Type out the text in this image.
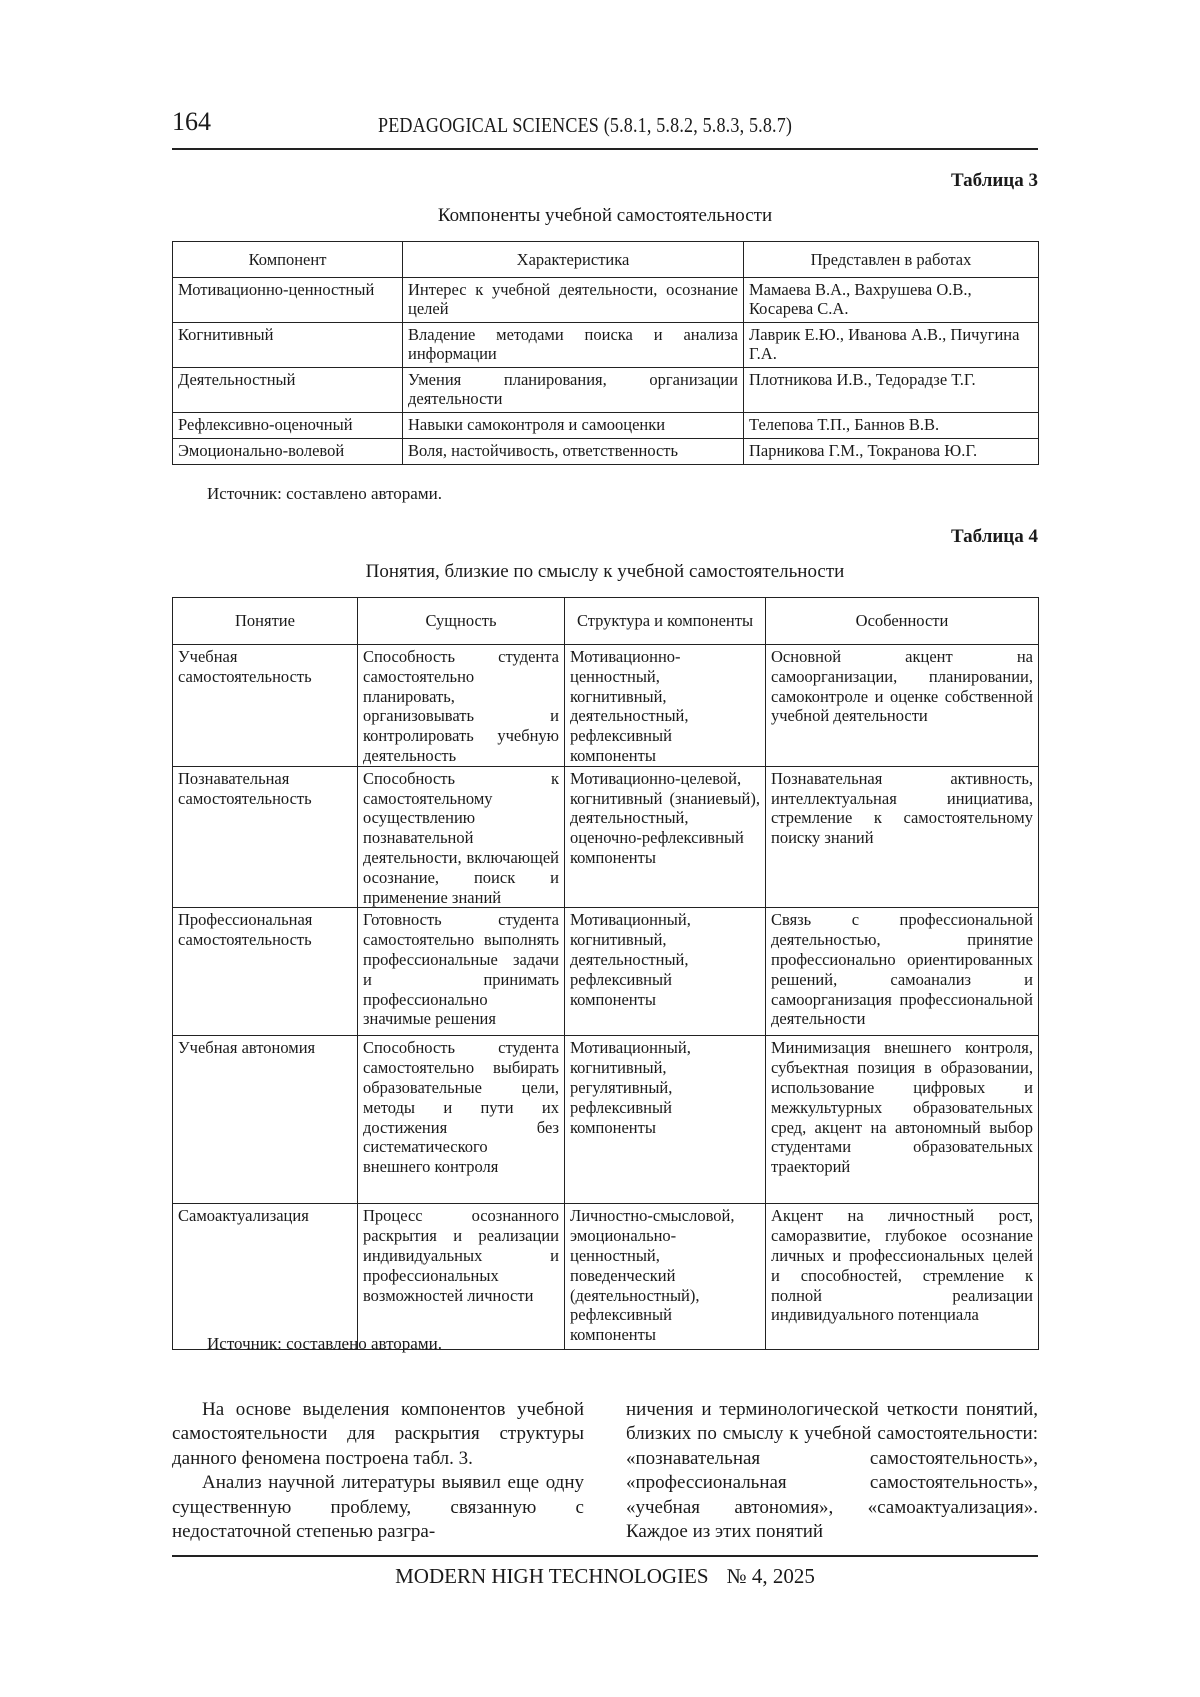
164	PEDAGOGICAL SCIENCES (5.8.1, 5.8.2, 5.8.3, 5.8.7)
Таблица 3
Компоненты учебной самостоятельности
Компонент	Характеристика	Представлен в работах
Мотивационно-ценностный	Интерес к учебной деятельности, осознание целей	Мамаева В.А., Вахрушева О.В., Косарева С.А.
Когнитивный	Владение методами поиска и анализа информации	Лаврик Е.Ю., Иванова А.В., Пичугина Г.А.
Деятельностный	Умения планирования, организации деятельности	Плотникова И.В., Тедорадзе Т.Г.
Рефлексивно-оценочный	Навыки самоконтроля и самооценки	Телепова Т.П., Баннов В.В.
Эмоционально-волевой	Воля, настойчивость, ответственность	Парникова Г.М., Токранова Ю.Г.
Источник: составлено авторами.
Таблица 4
Понятия, близкие по смыслу к учебной самостоятельности
Понятие	Сущность	Структура и компоненты	Особенности
Учебная самостоятельность	Способность студента самостоятельно планировать, организовывать и контролировать учебную деятельность	Мотивационно-ценностный, когнитивный, деятельностный, рефлексивный компоненты	Основной акцент на самоорганизации, планировании, самоконтроле и оценке собственной учебной деятельности
Познавательная самостоятельность	Способность к самостоятельному осуществлению познавательной деятельности, включающей осознание, поиск и применение знаний	Мотивационно-целевой, когнитивный (знаниевый), деятельностный, оценочно-рефлексивный компоненты	Познавательная активность, интеллектуальная инициатива, стремление к самостоятельному поиску знаний
Профессиональная самостоятельность	Готовность студента самостоятельно выполнять профессиональные задачи и принимать профессионально значимые решения	Мотивационный, когнитивный, деятельностный, рефлексивный компоненты	Связь с профессиональной деятельностью, принятие профессионально ориентированных решений, самоанализ и самоорганизация профессиональной деятельности
Учебная автономия	Способность студента самостоятельно выбирать образовательные цели, методы и пути их достижения без систематического внешнего контроля	Мотивационный, когнитивный, регулятивный, рефлексивный компоненты	Минимизация внешнего контроля, субъектная позиция в образовании, использование цифровых и межкультурных образовательных сред, акцент на автономный выбор студентами образовательных траекторий
Самоактуализация	Процесс осознанного раскрытия и реализации индивидуальных и профессиональных возможностей личности	Личностно-смысловой, эмоционально-ценностный, поведенческий (деятельностный), рефлексивный компоненты	Акцент на личностный рост, саморазвитие, глубокое осознание личных и профессиональных целей и способностей, стремление к полной реализации индивидуального потенциала
Источник: составлено авторами.

На основе выделения компонентов учебной самостоятельности для раскрытия структуры данного феномена построена табл. 3.

Анализ научной литературы выявил еще одну существенную проблему, связанную с недостаточной степенью разгра-

ничения и терминологической четкости понятий, близких по смыслу к учебной самостоятельности: «познавательная самостоятельность», «профессиональная самостоятельность», «учебная автономия», «самоактуализация». Каждое из этих понятий

MODERN HIGH TECHNOLOGIES № 4, 2025
